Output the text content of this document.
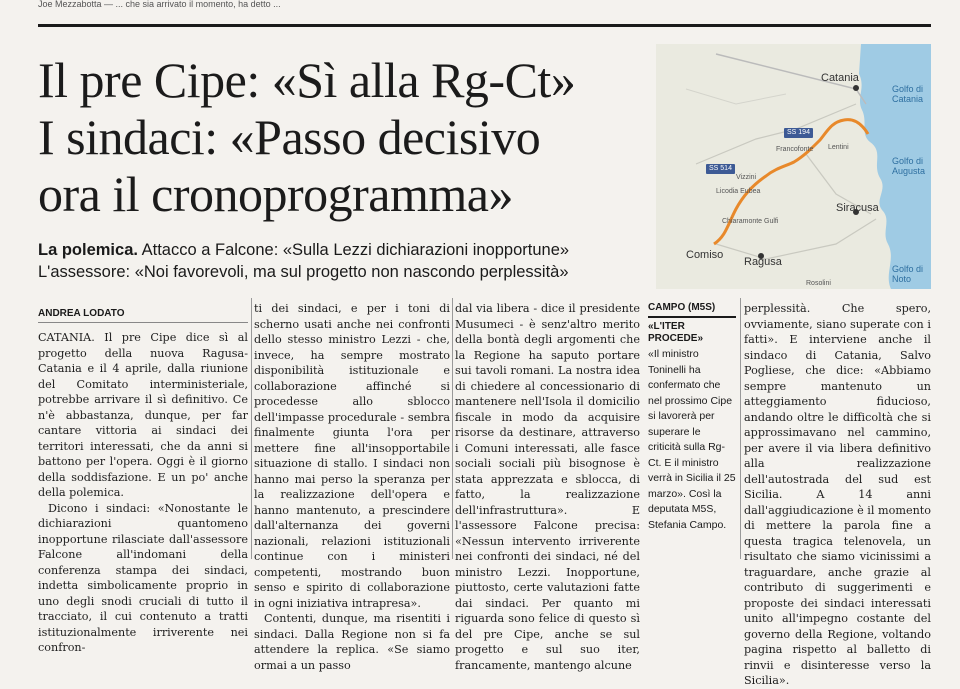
Joe Mezzabotta — ... che sia arrivato il momento, ha detto ...
Il pre Cipe: «Sì alla Rg-Ct»
I sindaci: «Passo decisivo
ora il cronoprogramma»
La polemica. Attacco a Falcone: «Sulla Lezzi dichiarazioni inopportune»
L'assessore: «Noi favorevoli, ma sul progetto non nascondo perplessità»
Catania
Golfo di Catania
Golfo di Augusta
Siracusa
Golfo di Noto
Ragusa
Comiso
Lentini
Francofonte
Vizzini
Licodia Eubea
Chiaramonte Gulfi
Rosolini
SS 194
SS 514
ANDREA LODATO

CATANIA. Il pre Cipe dice sì al progetto della nuova Ragusa-Catania e il 4 aprile, dalla riunione del Comitato interministeriale, potrebbe arrivare il sì definitivo. Ce n'è abbastanza, dunque, per far cantare vittoria ai sindaci dei territori interessati, che da anni si battono per l'opera. Oggi è il giorno della soddisfazione. E un po' anche della polemica.

Dicono i sindaci: «Nonostante le dichiarazioni quantomeno inopportune rilasciate dall'assessore Falcone all'indomani della conferenza stampa dei sindaci, indetta simbolicamente proprio in uno degli snodi cruciali di tutto il tracciato, il cui contenuto a tratti istituzionalmente irriverente nei confron-

ti dei sindaci, e per i toni di scherno usati anche nei confronti dello stesso ministro Lezzi - che, invece, ha sempre mostrato disponibilità istituzionale e collaborazione affinché si procedesse allo sblocco dell'impasse procedurale - sembra finalmente giunta l'ora per mettere fine all'insopportabile situazione di stallo. I sindaci non hanno mai perso la speranza per la realizzazione dell'opera e hanno mantenuto, a prescindere dall'alternanza dei governi nazionali, relazioni istituzionali continue con i ministeri competenti, mostrando buon senso e spirito di collaborazione in ogni iniziativa intrapresa».

Contenti, dunque, ma risentiti i sindaci. Dalla Regione non si fa attendere la replica. «Se siamo ormai a un passo

dal via libera - dice il presidente Musumeci - è senz'altro merito della bontà degli argomenti che la Regione ha saputo portare sui tavoli romani. La nostra idea di chiedere al concessionario di mantenere nell'Isola il domicilio fiscale in modo da acquisire risorse da destinare, attraverso i Comuni interessati, alle fasce sociali sociali più bisognose è stata apprezzata e sblocca, di fatto, la realizzazione dell'infrastruttura». E l'assessore Falcone precisa: «Nessun intervento irriverente nei confronti dei sindaci, né del ministro Lezzi. Inopportune, piuttosto, certe valutazioni fatte dai sindaci. Per quanto mi riguarda sono felice di questo sì del pre Cipe, anche se sul progetto e sul suo iter, francamente, mantengo alcune

CAMPO (M5S)
«L'ITER PROCEDE»
«Il ministro Toninelli ha confermato che nel prossimo Cipe si lavorerà per superare le criticità sulla Rg-Ct. E il ministro verrà in Sicilia il 25 marzo». Così la deputata M5S, Stefania Campo.

perplessità. Che spero, ovviamente, siano superate con i fatti». E interviene anche il sindaco di Catania, Salvo Pogliese, che dice: «Abbiamo sempre mantenuto un atteggiamento fiducioso, andando oltre le difficoltà che si approssimavano nel cammino, per avere il via libera definitivo alla realizzazione dell'autostrada del sud est Sicilia. A 14 anni dall'aggiudicazione è il momento di mettere la parola fine a questa tragica telenovela, un risultato che siamo vicinissimi a traguardare, anche grazie al contributo di suggerimenti e proposte dei sindaci interessati unito all'impegno costante del governo della Regione, voltando pagina rispetto al balletto di rinvii e disinteresse verso la Sicilia».
